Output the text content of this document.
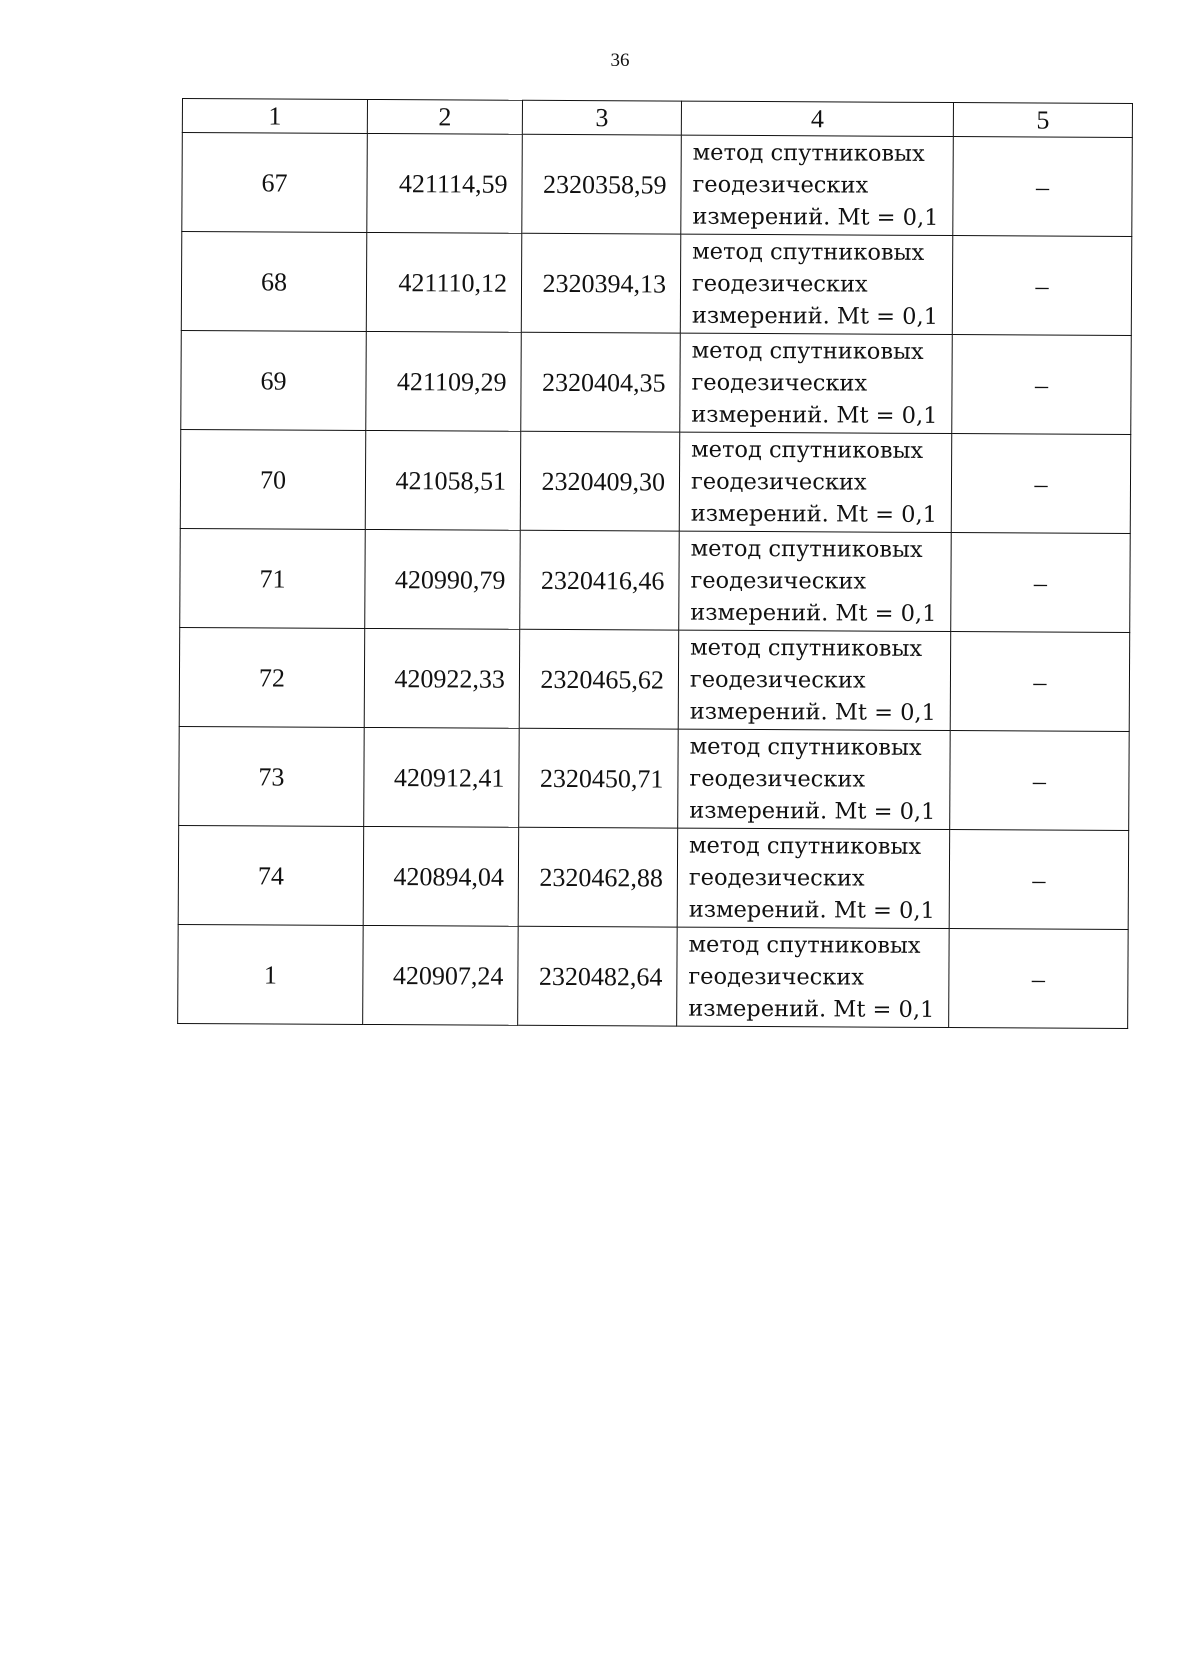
36
1	2	3	4	5
67	421114,59	2320358,59	метод спутниковых
геодезических
измерений. Mt = 0,1	–
68	421110,12	2320394,13	метод спутниковых
геодезических
измерений. Mt = 0,1	–
69	421109,29	2320404,35	метод спутниковых
геодезических
измерений. Mt = 0,1	–
70	421058,51	2320409,30	метод спутниковых
геодезических
измерений. Mt = 0,1	–
71	420990,79	2320416,46	метод спутниковых
геодезических
измерений. Mt = 0,1	–
72	420922,33	2320465,62	метод спутниковых
геодезических
измерений. Mt = 0,1	–
73	420912,41	2320450,71	метод спутниковых
геодезических
измерений. Mt = 0,1	–
74	420894,04	2320462,88	метод спутниковых
геодезических
измерений. Mt = 0,1	–
1	420907,24	2320482,64	метод спутниковых
геодезических
измерений. Mt = 0,1	–
